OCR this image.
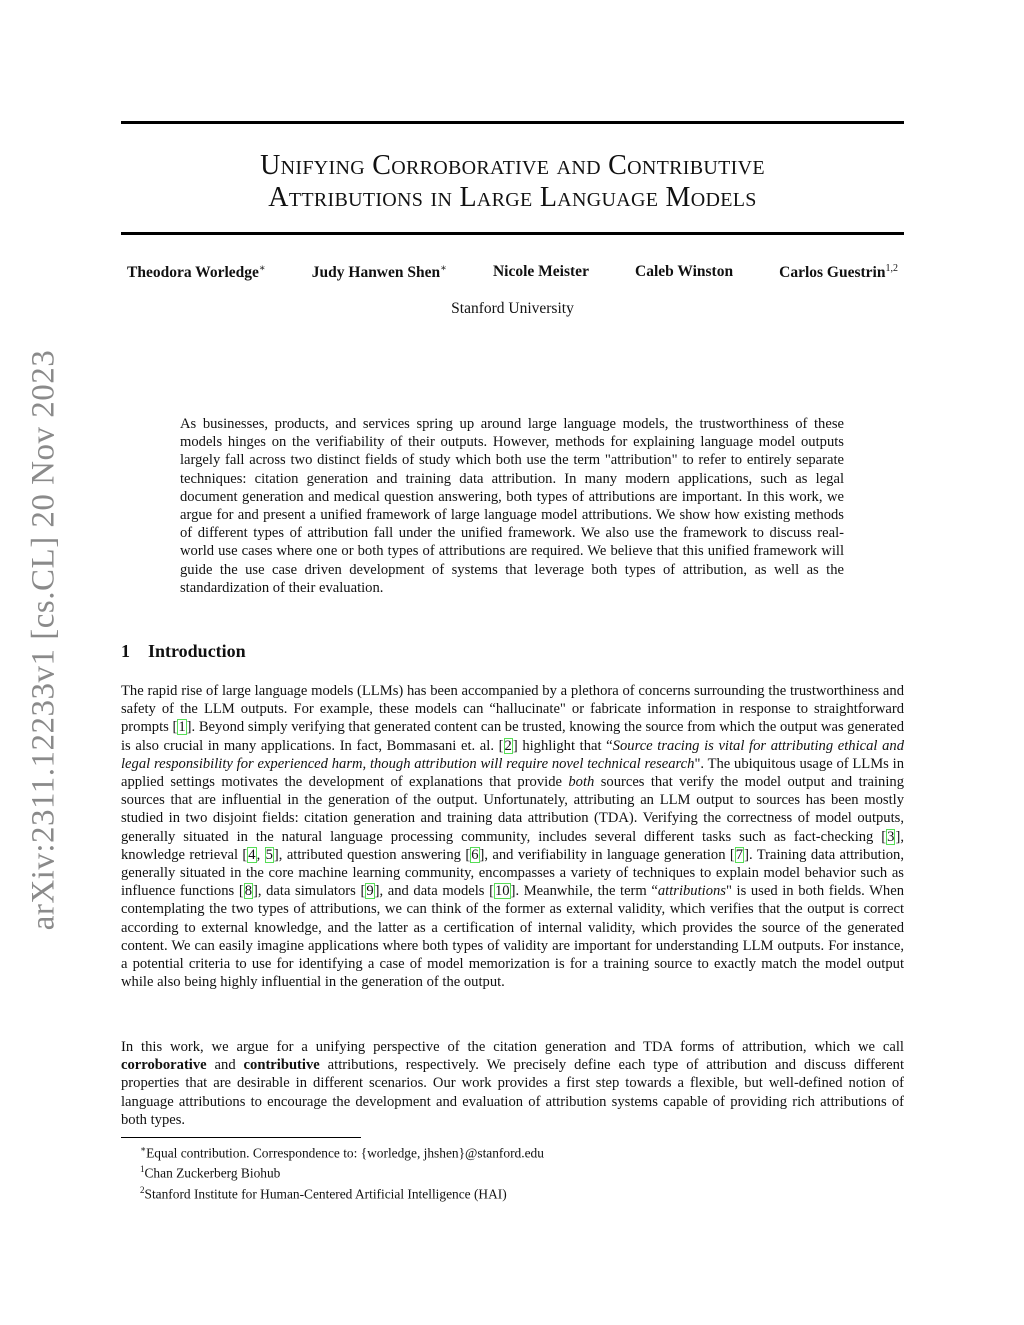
arXiv:2311.12233v1 [cs.CL] 20 Nov 2023
Unifying Corroborative and Contributive
Attributions in Large Language Models
Theodora Worledge∗	Judy Hanwen Shen∗	Nicole Meister	Caleb Winston	Carlos Guestrin$^{1,2}$
Stanford University

As businesses, products, and services spring up around large language models, the trustworthiness of these models hinges on the verifiability of their outputs. However, methods for explaining language model outputs largely fall across two distinct fields of study which both use the term "attribution" to refer to entirely separate techniques: citation generation and training data attribution. In many modern applications, such as legal document generation and medical question answering, both types of attributions are important. In this work, we argue for and present a unified framework of large language model attributions. We show how existing methods of different types of attribution fall under the unified framework. We also use the framework to discuss real-world use cases where one or both types of attributions are required. We believe that this unified framework will guide the use case driven development of systems that leverage both types of attribution, as well as the standardization of their evaluation.

1 Introduction

The rapid rise of large language models (LLMs) has been accompanied by a plethora of concerns surrounding the trustworthiness and safety of the LLM outputs. For example, these models can “hallucinate" or fabricate information in response to straightforward prompts [1]. Beyond simply verifying that generated content can be trusted, knowing the source from which the output was generated is also crucial in many applications. In fact, Bommasani et. al. [2] highlight that “Source tracing is vital for attributing ethical and legal responsibility for experienced harm, though attribution will require novel technical research". The ubiquitous usage of LLMs in applied settings motivates the development of explanations that provide both sources that verify the model output and training sources that are influential in the generation of the output. Unfortunately, attributing an LLM output to sources has been mostly studied in two disjoint fields: citation generation and training data attribution (TDA). Verifying the correctness of model outputs, generally situated in the natural language processing community, includes several different tasks such as fact-checking [3], knowledge retrieval [4, 5], attributed question answering [6], and verifiability in language generation [7]. Training data attribution, generally situated in the core machine learning community, encompasses a variety of techniques to explain model behavior such as influence functions [8], data simulators [9], and data models [10]. Meanwhile, the term “attributions" is used in both fields. When contemplating the two types of attributions, we can think of the former as external validity, which verifies that the output is correct according to external knowledge, and the latter as a certification of internal validity, which provides the source of the generated content. We can easily imagine applications where both types of validity are important for understanding LLM outputs. For instance, a potential criteria to use for identifying a case of model memorization is for a training source to exactly match the model output while also being highly influential in the generation of the output.

In this work, we argue for a unifying perspective of the citation generation and TDA forms of attribution, which we call corroborative and contributive attributions, respectively. We precisely define each type of attribution and discuss different properties that are desirable in different scenarios. Our work provides a first step towards a flexible, but well-defined notion of language attributions to encourage the development and evaluation of attribution systems capable of providing rich attributions of both types.

∗Equal contribution. Correspondence to: {worledge, jhshen}@stanford.edu
$^1$Chan Zuckerberg Biohub
$^2$Stanford Institute for Human-Centered Artificial Intelligence (HAI)
